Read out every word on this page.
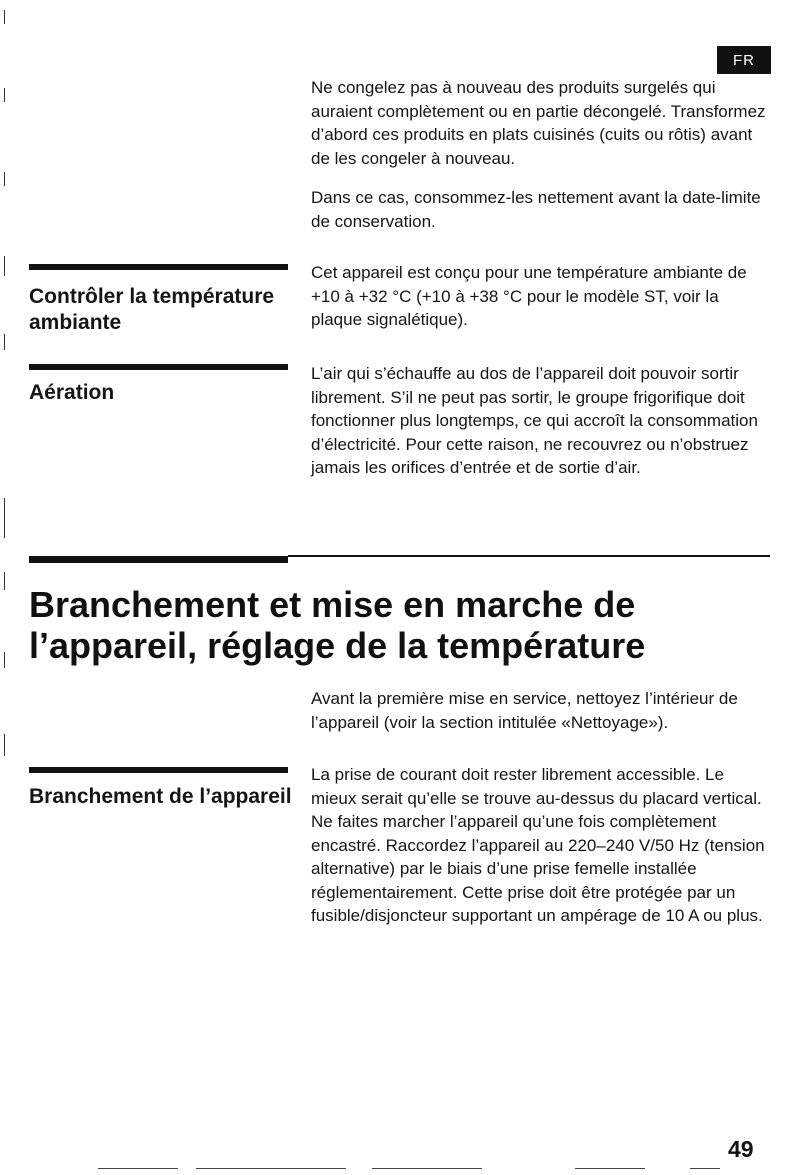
FR

Ne congelez pas à nouveau des produits surgelés qui auraient complètement ou en partie décongelé. Transformez d’abord ces produits en plats cuisinés (cuits ou rôtis) avant de les congeler à nouveau.

Dans ce cas, consommez-les nettement avant la date-limite de conservation.

Contrôler la température ambiante

Cet appareil est conçu pour une température ambiante de +10 à +32 °C (+10 à +38 °C pour le modèle ST, voir la plaque signalétique).

Aération

L’air qui s’échauffe au dos de l’appareil doit pouvoir sortir librement. S’il ne peut pas sortir, le groupe frigorifique doit fonctionner plus longtemps, ce qui accroît la consommation d’électricité. Pour cette raison, ne recouvrez ou n’obstruez jamais les orifices d’entrée et de sortie d’air.

Branchement et mise en marche de l’appareil, réglage de la température

Avant la première mise en service, nettoyez l’intérieur de l’appareil (voir la section intitulée «Nettoyage»).

Branchement de l’appareil

La prise de courant doit rester librement accessible. Le mieux serait qu’elle se trouve au-dessus du placard vertical. Ne faites marcher l’appareil qu’une fois complètement encastré. Raccordez l’appareil au 220–240 V/50 Hz (tension alternative) par le biais d’une prise femelle installée réglementairement. Cette prise doit être protégée par un fusible/disjoncteur supportant un ampérage de 10 A ou plus.

49
